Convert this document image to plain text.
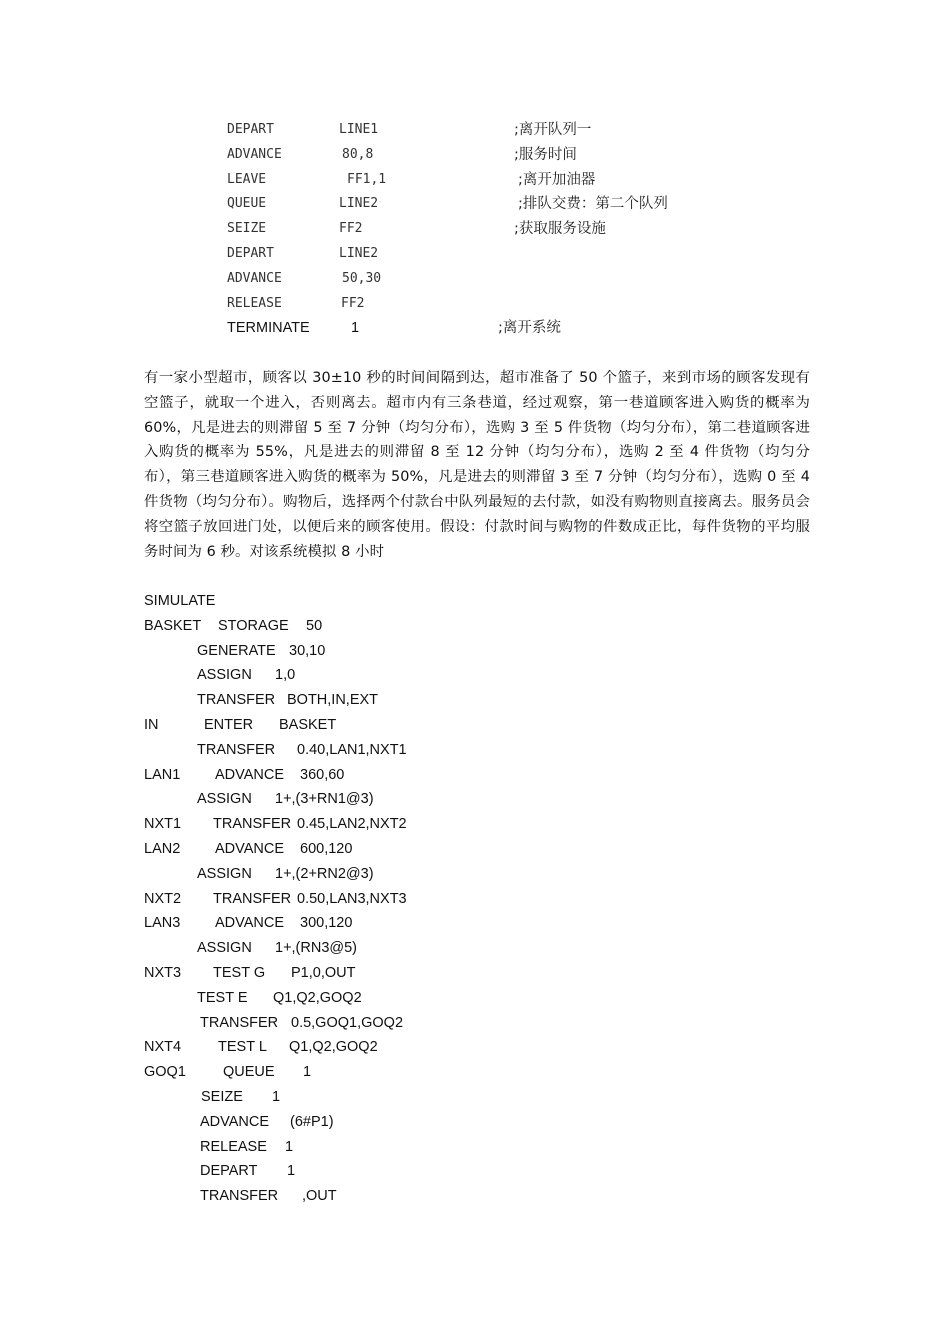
DEPART	LINE1	;离开队列一
ADVANCE	80,8	;服务时间
LEAVE	FF1,1	;离开加油器
QUEUE	LINE2	;排队交费：第二个队列
SEIZE	FF2	;获取服务设施
DEPART	LINE2
ADVANCE	50,30
RELEASE	FF2
TERMINATE	1	;离开系统
有一家小型超市，顾客以 30±10 秒的时间间隔到达，超市准备了 50 个篮子，来到市场的顾客发现有空篮子，就取一个进入，否则离去。超市内有三条巷道，经过观察，第一巷道顾客进入购货的概率为 60%，凡是进去的则滞留 5 至 7 分钟（均匀分布），选购 3 至 5 件货物（均匀分布），第二巷道顾客进入购货的概率为 55%，凡是进去的则滞留 8 至 12 分钟（均匀分布），选购 2 至 4 件货物（均匀分布），第三巷道顾客进入购货的概率为 50%，凡是进去的则滞留 3 至 7 分钟（均匀分布），选购 0 至 4 件货物（均匀分布）。购物后，选择两个付款台中队列最短的去付款，如没有购物则直接离去。服务员会将空篮子放回进门处，以便后来的顾客使用。假设：付款时间与购物的件数成正比，每件货物的平均服务时间为 6 秒。对该系统模拟 8 小时
SIMULATE
BASKET STORAGE 50
GENERATE 30,10
ASSIGN 1,0
TRANSFER BOTH,IN,EXT
IN	ENTER BASKET
TRANSFER 0.40,LAN1,NXT1
LAN1 ADVANCE 360,60
ASSIGN 1+,(3+RN1@3)
NXT1 TRANSFER 0.45,LAN2,NXT2
LAN2 ADVANCE 600,120
ASSIGN 1+,(2+RN2@3)
NXT2 TRANSFER 0.50,LAN3,NXT3
LAN3 ADVANCE 300,120
ASSIGN 1+,(RN3@5)
NXT3 TEST G P1,0,OUT
TEST E Q1,Q2,GOQ2
TRANSFER 0.5,GOQ1,GOQ2
NXT4	TEST L Q1,Q2,GOQ2
GOQ1	QUEUE 1
SEIZE 1
ADVANCE (6#P1)
RELEASE 1
DEPART 1
TRANSFER ,OUT
